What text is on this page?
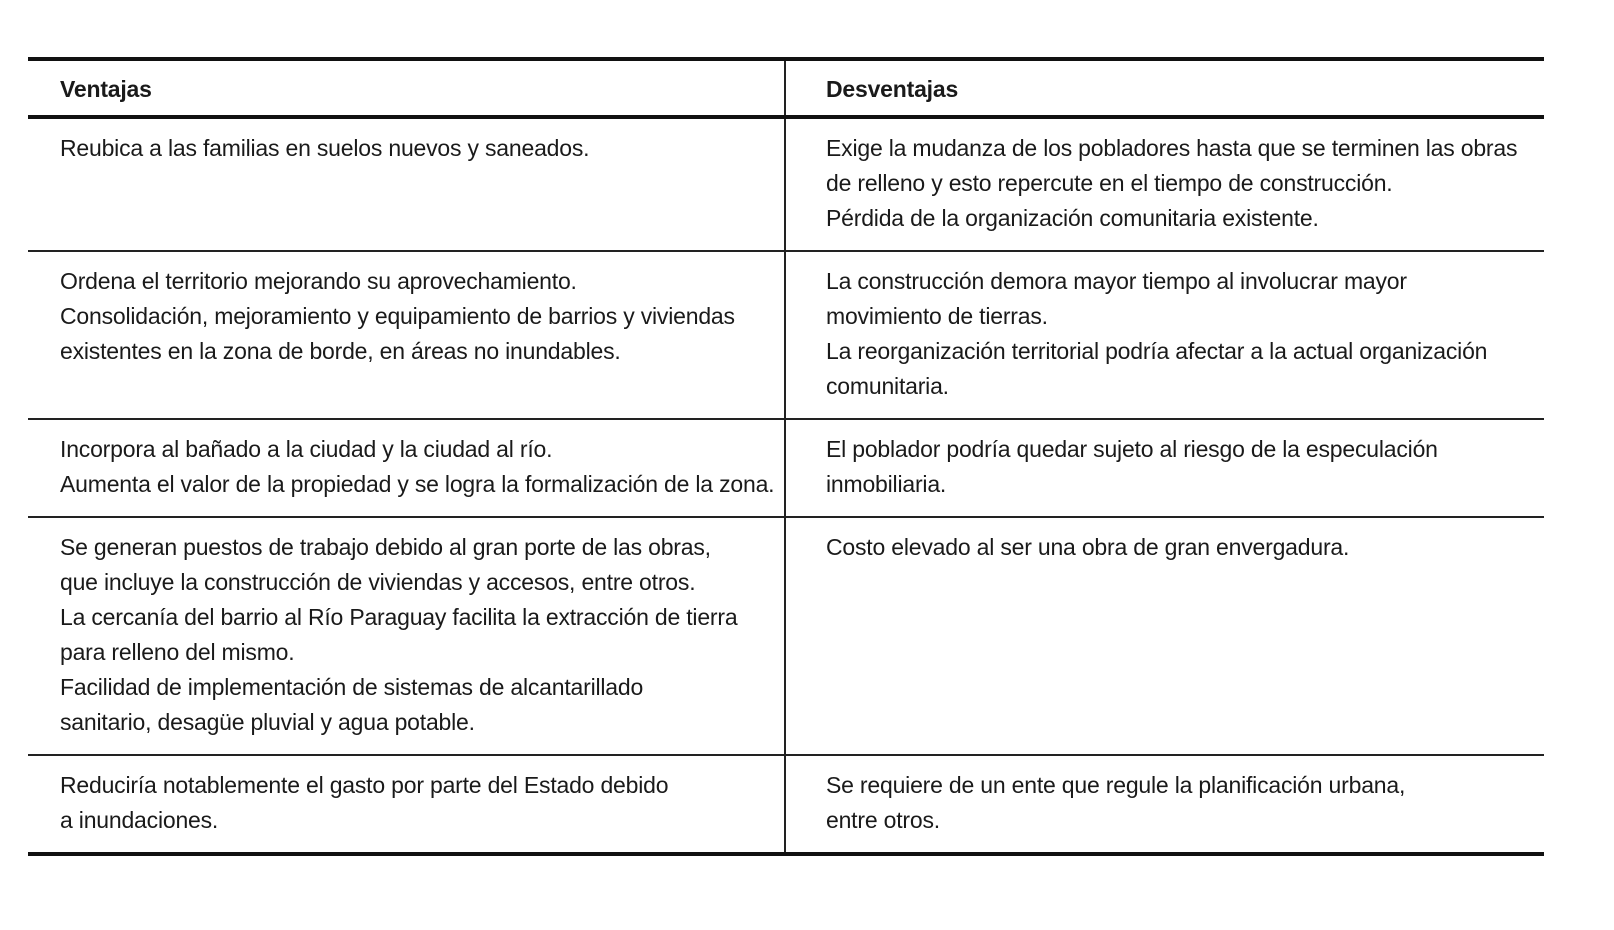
Ventajas	Desventajas
Reubica a las familias en suelos nuevos y saneados.	Exige la mudanza de los pobladores hasta que se terminen las obras
de relleno y esto repercute en el tiempo de construcción.
Pérdida de la organización comunitaria existente.
Ordena el territorio mejorando su aprovechamiento.
Consolidación, mejoramiento y equipamiento de barrios y viviendas
existentes en la zona de borde, en áreas no inundables.
La construcción demora mayor tiempo al involucrar mayor
movimiento de tierras.
La reorganización territorial podría afectar a la actual organización
comunitaria.
Incorpora al bañado a la ciudad y la ciudad al río.
Aumenta el valor de la propiedad y se logra la formalización de la zona.
El poblador podría quedar sujeto al riesgo de la especulación
inmobiliaria.
Se generan puestos de trabajo debido al gran porte de las obras,
que incluye la construcción de viviendas y accesos, entre otros.
La cercanía del barrio al Río Paraguay facilita la extracción de tierra
para relleno del mismo.
Facilidad de implementación de sistemas de alcantarillado
sanitario, desagüe pluvial y agua potable.
Costo elevado al ser una obra de gran envergadura.
Reduciría notablemente el gasto por parte del Estado debido
a inundaciones.
Se requiere de un ente que regule la planificación urbana,
entre otros.
